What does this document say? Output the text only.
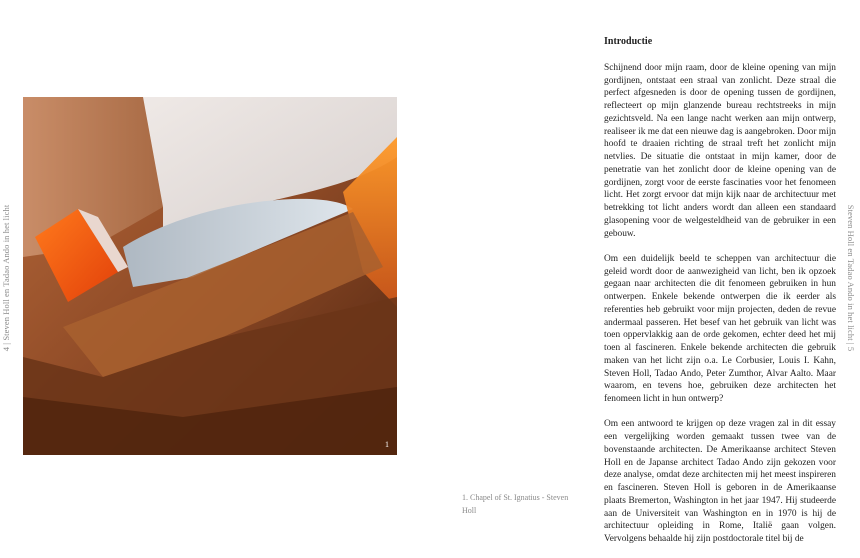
4 | Steven Holl en Tadao Ando in het licht
1
1. Chapel of St. Ignatius - Steven Holl
Introductie

Schijnend door mijn raam, door de kleine opening van mijn gordijnen, ontstaat een straal van zonlicht. Deze straal die perfect afgesneden is door de opening tussen de gordijnen, reflecteert op mijn glanzende bureau rechtstreeks in mijn gezichtsveld. Na een lange nacht werken aan mijn ontwerp, realiseer ik me dat een nieuwe dag is aangebroken. Door mijn hoofd te draaien richting de straal treft het zonlicht mijn netvlies. De situatie die ontstaat in mijn kamer, door de penetratie van het zonlicht door de kleine opening van de gordijnen, zorgt voor de eerste fascinaties voor het fenomeen licht. Het zorgt ervoor dat mijn kijk naar de architectuur met betrekking tot licht anders wordt dan alleen een standaard glasopening voor de welgesteldheid van de gebruiker in een gebouw.

Om een duidelijk beeld te scheppen van architectuur die geleid wordt door de aanwezigheid van licht, ben ik opzoek gegaan naar architecten die dit fenomeen gebruiken in hun ontwerpen. Enkele bekende ontwerpen die ik eerder als referenties heb gebruikt voor mijn projecten, deden de revue andermaal passeren. Het besef van het gebruik van licht was toen oppervlakkig aan de orde gekomen, echter deed het mij toen al fascineren. Enkele bekende architecten die gebruik maken van het licht zijn o.a. Le Corbusier, Louis I. Kahn, Steven Holl, Tadao Ando, Peter Zumthor, Alvar Aalto. Maar waarom, en tevens hoe, gebruiken deze architecten het fenomeen licht in hun ontwerp?

Om een antwoord te krijgen op deze vragen zal in dit essay een vergelijking worden gemaakt tussen twee van de bovenstaande architecten. De Amerikaanse architect Steven Holl en de Japanse architect Tadao Ando zijn gekozen voor deze analyse, omdat deze architecten mij het meest inspireren en fascineren. Steven Holl is geboren in de Amerikaanse plaats Bremerton, Washington in het jaar 1947. Hij studeerde aan de Universiteit van Washington en in 1970 is hij de architectuur opleiding in Rome, Italië gaan volgen. Vervolgens behaalde hij zijn postdoctorale titel bij de

Steven Holl en Tadao Ando in het licht | 5
